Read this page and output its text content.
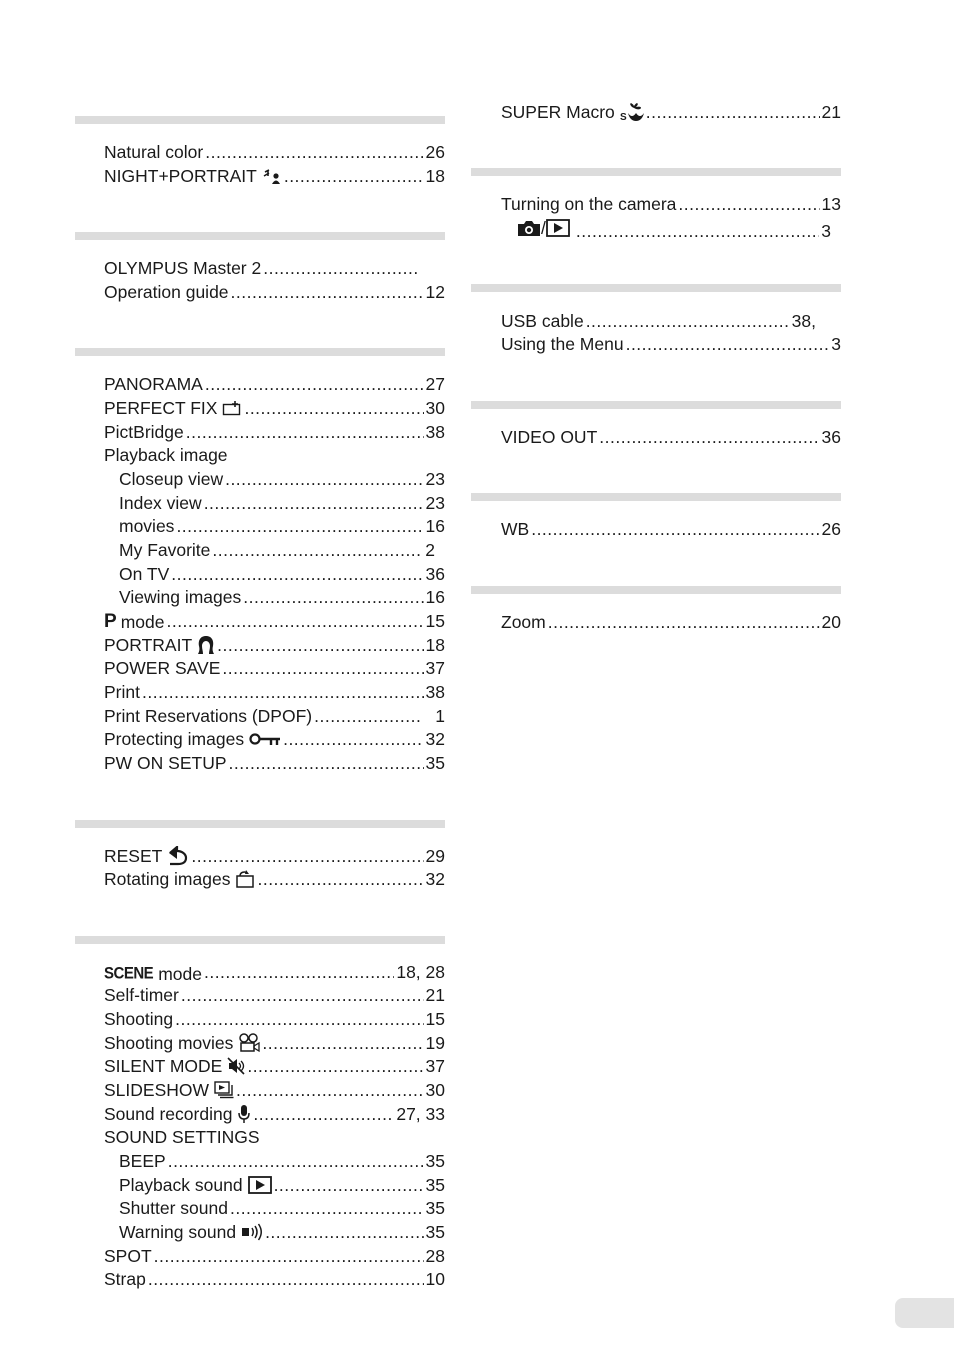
Natural color .....	26
NIGHT+PORTRAIT .....	18
OLYMPUS Master 2
.....
Operation guide .....	12
PANORAMA .....	27
PERFECT FIX .....	30
PictBridge .....	38
Playback image
Closeup view .....	23
Index view .....	23
movies .....	16
My Favorite .....	2
On TV .....	36
Viewing images .....	16
P mode .....	15
PORTRAIT .....	18
POWER SAVE .....	37
Print .....	38
Print Reservations (DPOF) .....	1
Protecting images .....	32
PW ON SETUP .....	35
RESET .....	29
Rotating images .....	32
SCENE mode .....	18, 28
Self-timer .....	21
Shooting .....	15
Shooting movies .....	19
SILENT MODE .....	37
SLIDESHOW .....	30
Sound recording .....	27, 33
SOUND SETTINGS
BEEP .....	35
Playback sound .....	35
Shutter sound .....	35
Warning sound .....	35
SPOT .....	28
Strap .....	10
SUPER Macro S .....	21
Turning on the camera .....	13
/ .....	3
USB cable .....	38,
Using the Menu .....	3
VIDEO OUT .....	36
WB .....	26
Zoom .....	20
